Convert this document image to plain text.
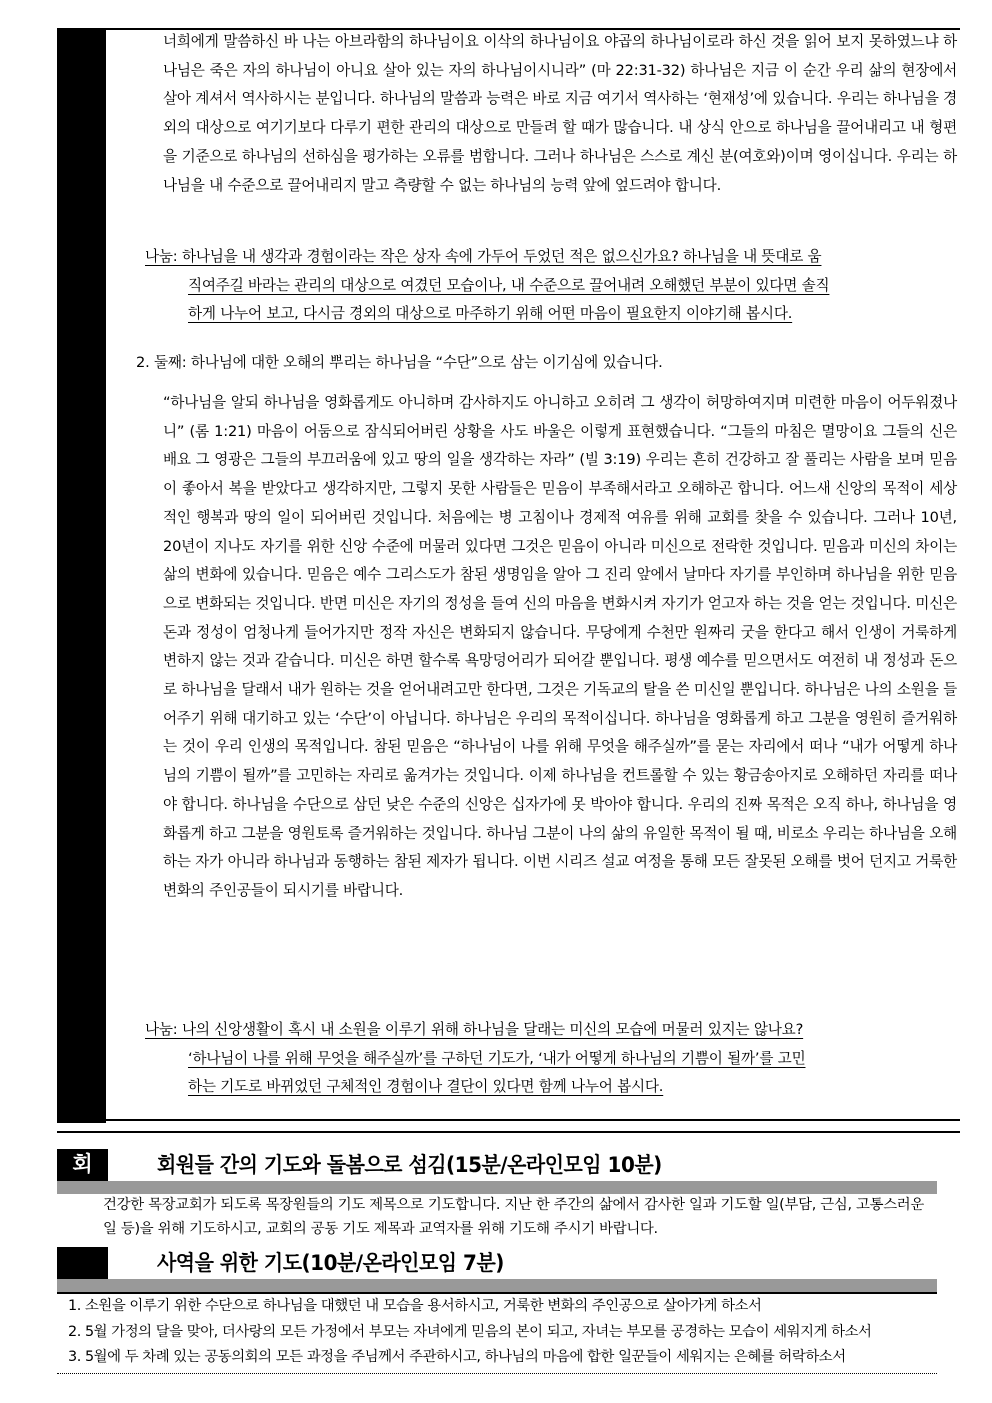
너희에게 말씀하신 바 나는 아브라함의 하나님이요 이삭의 하나님이요 야곱의 하나님이로라 하신 것을 읽어 보지 못하였느냐 하나님은 죽은 자의 하나님이 아니요 살아 있는 자의 하나님이시니라” (마 22:31-32) 하나님은 지금 이 순간 우리 삶의 현장에서 살아 계셔서 역사하시는 분입니다. 하나님의 말씀과 능력은 바로 지금 여기서 역사하는 ‘현재성’에 있습니다. 우리는 하나님을 경외의 대상으로 여기기보다 다루기 편한 관리의 대상으로 만들려 할 때가 많습니다. 내 상식 안으로 하나님을 끌어내리고 내 형편을 기준으로 하나님의 선하심을 평가하는 오류를 범합니다. 그러나 하나님은 스스로 계신 분(여호와)이며 영이십니다. 우리는 하나님을 내 수준으로 끌어내리지 말고 측량할 수 없는 하나님의 능력 앞에 엎드려야 합니다.
나눔: 하나님을 내 생각과 경험이라는 작은 상자 속에 가두어 두었던 적은 없으신가요? 하나님을 내 뜻대로 움
직여주길 바라는 관리의 대상으로 여겼던 모습이나, 내 수준으로 끌어내려 오해했던 부분이 있다면 솔직
하게 나누어 보고, 다시금 경외의 대상으로 마주하기 위해 어떤 마음이 필요한지 이야기해 봅시다.
2. 둘째: 하나님에 대한 오해의 뿌리는 하나님을 “수단”으로 삼는 이기심에 있습니다.
“하나님을 알되 하나님을 영화롭게도 아니하며 감사하지도 아니하고 오히려 그 생각이 허망하여지며 미련한 마음이 어두워졌나니” (롬 1:21) 마음이 어둠으로 잠식되어버린 상황을 사도 바울은 이렇게 표현했습니다. “그들의 마침은 멸망이요 그들의 신은 배요 그 영광은 그들의 부끄러움에 있고 땅의 일을 생각하는 자라” (빌 3:19) 우리는 흔히 건강하고 잘 풀리는 사람을 보며 믿음이 좋아서 복을 받았다고 생각하지만, 그렇지 못한 사람들은 믿음이 부족해서라고 오해하곤 합니다. 어느새 신앙의 목적이 세상적인 행복과 땅의 일이 되어버린 것입니다. 처음에는 병 고침이나 경제적 여유를 위해 교회를 찾을 수 있습니다. 그러나 10년, 20년이 지나도 자기를 위한 신앙 수준에 머물러 있다면 그것은 믿음이 아니라 미신으로 전락한 것입니다. 믿음과 미신의 차이는 삶의 변화에 있습니다. 믿음은 예수 그리스도가 참된 생명임을 알아 그 진리 앞에서 날마다 자기를 부인하며 하나님을 위한 믿음으로 변화되는 것입니다. 반면 미신은 자기의 정성을 들여 신의 마음을 변화시켜 자기가 얻고자 하는 것을 얻는 것입니다. 미신은 돈과 정성이 엄청나게 들어가지만 정작 자신은 변화되지 않습니다. 무당에게 수천만 원짜리 굿을 한다고 해서 인생이 거룩하게 변하지 않는 것과 같습니다. 미신은 하면 할수록 욕망덩어리가 되어갈 뿐입니다. 평생 예수를 믿으면서도 여전히 내 정성과 돈으로 하나님을 달래서 내가 원하는 것을 얻어내려고만 한다면, 그것은 기독교의 탈을 쓴 미신일 뿐입니다. 하나님은 나의 소원을 들어주기 위해 대기하고 있는 ‘수단’이 아닙니다. 하나님은 우리의 목적이십니다. 하나님을 영화롭게 하고 그분을 영원히 즐거워하는 것이 우리 인생의 목적입니다. 참된 믿음은 “하나님이 나를 위해 무엇을 해주실까”를 묻는 자리에서 떠나 “내가 어떻게 하나님의 기쁨이 될까”를 고민하는 자리로 옮겨가는 것입니다. 이제 하나님을 컨트롤할 수 있는 황금송아지로 오해하던 자리를 떠나야 합니다. 하나님을 수단으로 삼던 낮은 수준의 신앙은 십자가에 못 박아야 합니다. 우리의 진짜 목적은 오직 하나, 하나님을 영화롭게 하고 그분을 영원토록 즐거워하는 것입니다. 하나님 그분이 나의 삶의 유일한 목적이 될 때, 비로소 우리는 하나님을 오해하는 자가 아니라 하나님과 동행하는 참된 제자가 됩니다. 이번 시리즈 설교 여정을 통해 모든 잘못된 오해를 벗어 던지고 거룩한 변화의 주인공들이 되시기를 바랍니다.
나눔: 나의 신앙생활이 혹시 내 소원을 이루기 위해 하나님을 달래는 미신의 모습에 머물러 있지는 않나요?
‘하나님이 나를 위해 무엇을 해주실까’를 구하던 기도가, ‘내가 어떻게 하나님의 기쁨이 될까’를 고민
하는 기도로 바뀌었던 구체적인 경험이나 결단이 있다면 함께 나누어 봅시다.
회	회원들 간의 기도와 돌봄으로 섬김(15분/온라인모임 10분)
건강한 목장교회가 되도록 목장원들의 기도 제목으로 기도합니다. 지난 한 주간의 삶에서 감사한 일과 기도할 일(부담, 근심, 고통스러운 일 등)을 위해 기도하시고, 교회의 공동 기도 제목과 교역자를 위해 기도해 주시기 바랍니다.
사역을 위한 기도(10분/온라인모임 7분)
1. 소원을 이루기 위한 수단으로 하나님을 대했던 내 모습을 용서하시고, 거룩한 변화의 주인공으로 살아가게 하소서
2. 5월 가정의 달을 맞아, 더사랑의 모든 가정에서 부모는 자녀에게 믿음의 본이 되고, 자녀는 부모를 공경하는 모습이 세워지게 하소서
3. 5월에 두 차례 있는 공동의회의 모든 과정을 주님께서 주관하시고, 하나님의 마음에 합한 일꾼들이 세워지는 은혜를 허락하소서
